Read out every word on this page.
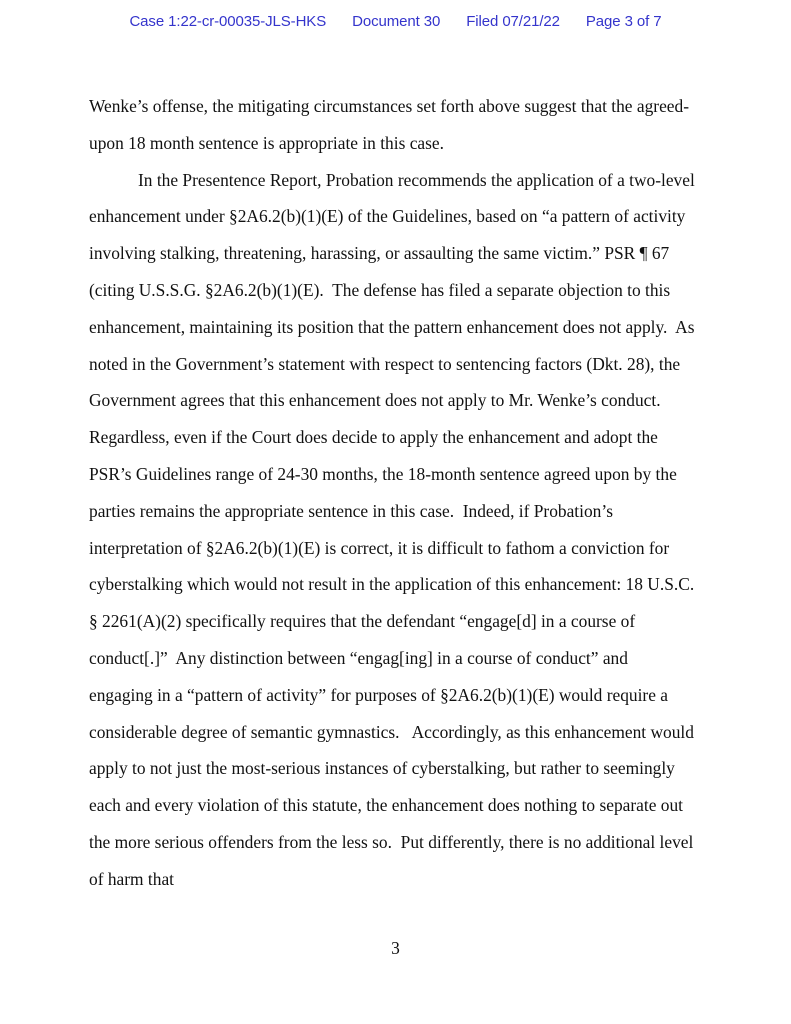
Case 1:22-cr-00035-JLS-HKS Document 30 Filed 07/21/22 Page 3 of 7

Wenke’s offense, the mitigating circumstances set forth above suggest that the agreed-upon 18 month sentence is appropriate in this case.

In the Presentence Report, Probation recommends the application of a two-level enhancement under §2A6.2(b)(1)(E) of the Guidelines, based on “a pattern of activity involving stalking, threatening, harassing, or assaulting the same victim.” PSR ¶ 67 (citing U.S.S.G. §2A6.2(b)(1)(E).  The defense has filed a separate objection to this enhancement, maintaining its position that the pattern enhancement does not apply.  As noted in the Government’s statement with respect to sentencing factors (Dkt. 28), the Government agrees that this enhancement does not apply to Mr. Wenke’s conduct.  Regardless, even if the Court does decide to apply the enhancement and adopt the PSR’s Guidelines range of 24-30 months, the 18-month sentence agreed upon by the parties remains the appropriate sentence in this case.  Indeed, if Probation’s interpretation of §2A6.2(b)(1)(E) is correct, it is difficult to fathom a conviction for cyberstalking which would not result in the application of this enhancement: 18 U.S.C. § 2261(A)(2) specifically requires that the defendant “engage[d] in a course of conduct[.]”  Any distinction between “engag[ing] in a course of conduct” and engaging in a “pattern of activity” for purposes of §2A6.2(b)(1)(E) would require a considerable degree of semantic gymnastics.   Accordingly, as this enhancement would apply to not just the most-serious instances of cyberstalking, but rather to seemingly each and every violation of this statute, the enhancement does nothing to separate out the more serious offenders from the less so.  Put differently, there is no additional level of harm that

3
